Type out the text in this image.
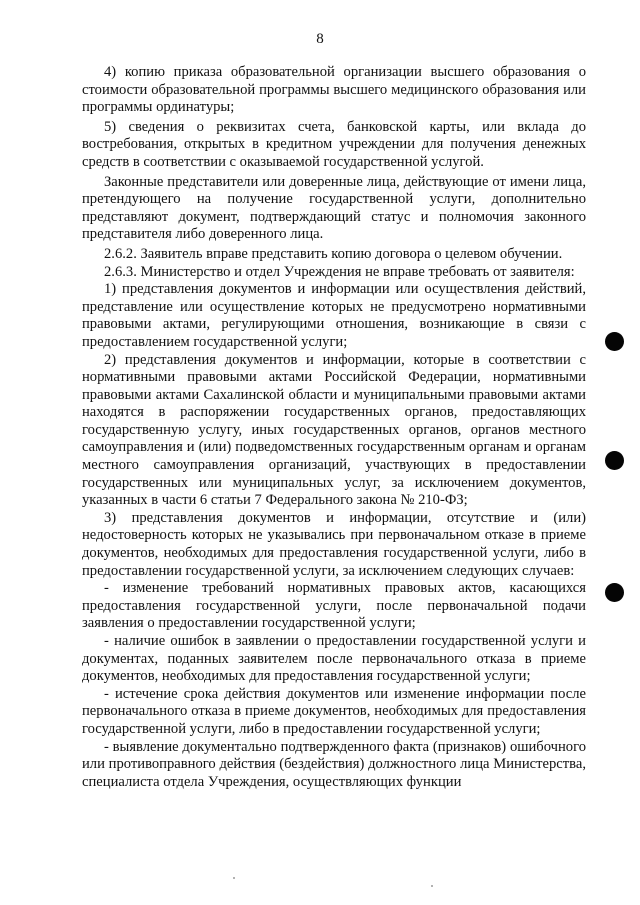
8

4) копию приказа образовательной организации высшего образования о стоимости образовательной программы высшего медицинского образования или программы ординатуры;

5) сведения о реквизитах счета, банковской карты, или вклада до востребования, открытых в кредитном учреждении для получения денежных средств в соответствии с оказываемой государственной услугой.

Законные представители или доверенные лица, действующие от имени лица, претендующего на получение государственной услуги, дополнительно представляют документ, подтверждающий статус и полномочия законного представителя либо доверенного лица.

2.6.2. Заявитель вправе представить копию договора о целевом обучении.

2.6.3. Министерство и отдел Учреждения не вправе требовать от заявителя:

1) представления документов и информации или осуществления действий, представление или осуществление которых не предусмотрено нормативными правовыми актами, регулирующими отношения, возникающие в связи с предоставлением государственной услуги;

2) представления документов и информации, которые в соответствии с нормативными правовыми актами Российской Федерации, нормативными правовыми актами Сахалинской области и муниципальными правовыми актами находятся в распоряжении государственных органов, предоставляющих государственную услугу, иных государственных органов, органов местного самоуправления и (или) подведомственных государственным органам и органам местного самоуправления организаций, участвующих в предоставлении государственных или муниципальных услуг, за исключением документов, указанных в части 6 статьи 7 Федерального закона № 210-ФЗ;

3) представления документов и информации, отсутствие и (или) недостоверность которых не указывались при первоначальном отказе в приеме документов, необходимых для предоставления государственной услуги, либо в предоставлении государственной услуги, за исключением следующих случаев:

- изменение требований нормативных правовых актов, касающихся предоставления государственной услуги, после первоначальной подачи заявления о предоставлении государственной услуги;

- наличие ошибок в заявлении о предоставлении государственной услуги и документах, поданных заявителем после первоначального отказа в приеме документов, необходимых для предоставления государственной услуги;

- истечение срока действия документов или изменение информации после первоначального отказа в приеме документов, необходимых для предоставления государственной услуги, либо в предоставлении государственной услуги;

- выявление документально подтвержденного факта (признаков) ошибочного или противоправного действия (бездействия) должностного лица Министерства, специалиста отдела Учреждения, осуществляющих функции
